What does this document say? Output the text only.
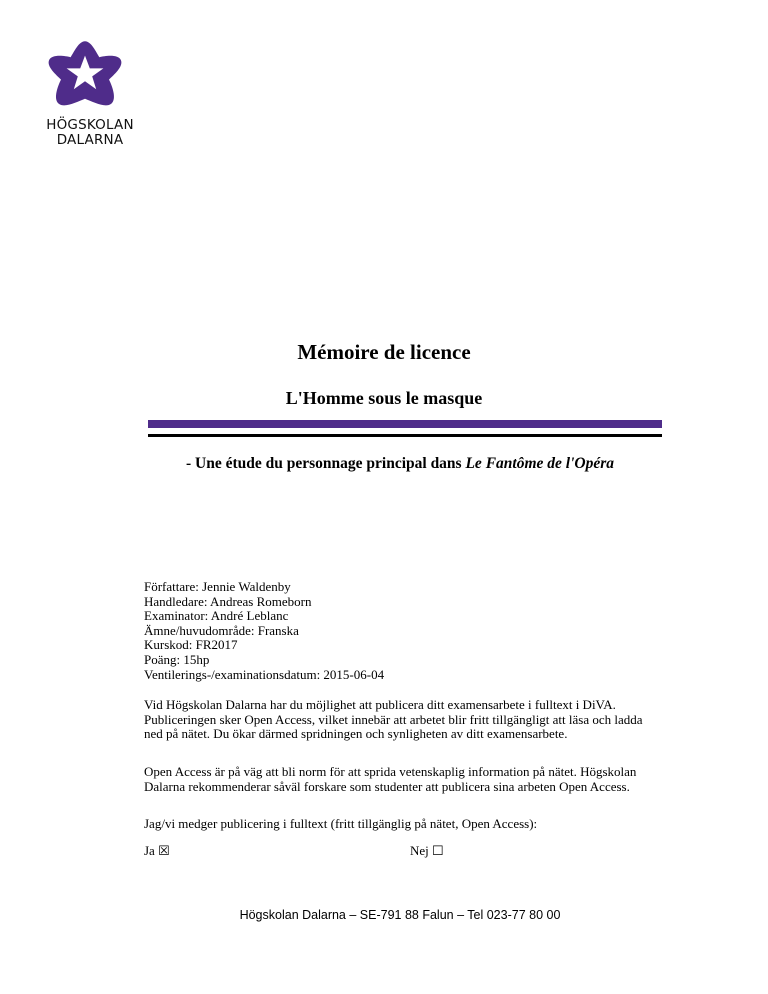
HÖGSKOLAN
DALARNA
Mémoire de licence
L'Homme sous le masque
- Une étude du personnage principal dans Le Fantôme de l'Opéra
Författare: Jennie Waldenby
Handledare: Andreas Romeborn
Examinator: André Leblanc
Ämne/huvudområde: Franska
Kurskod: FR2017
Poäng: 15hp
Ventilerings-/examinationsdatum: 2015-06-04
Vid Högskolan Dalarna har du möjlighet att publicera ditt examensarbete i fulltext i DiVA. Publiceringen sker Open Access, vilket innebär att arbetet blir fritt tillgängligt att läsa och ladda ned på nätet. Du ökar därmed spridningen och synligheten av ditt examensarbete.
Open Access är på väg att bli norm för att sprida vetenskaplig information på nätet. Högskolan Dalarna rekommenderar såväl forskare som studenter att publicera sina arbeten Open Access.
Jag/vi medger publicering i fulltext (fritt tillgänglig på nätet, Open Access):
Ja ☒	Nej ☐
Högskolan Dalarna – SE-791 88 Falun – Tel 023-77 80 00
